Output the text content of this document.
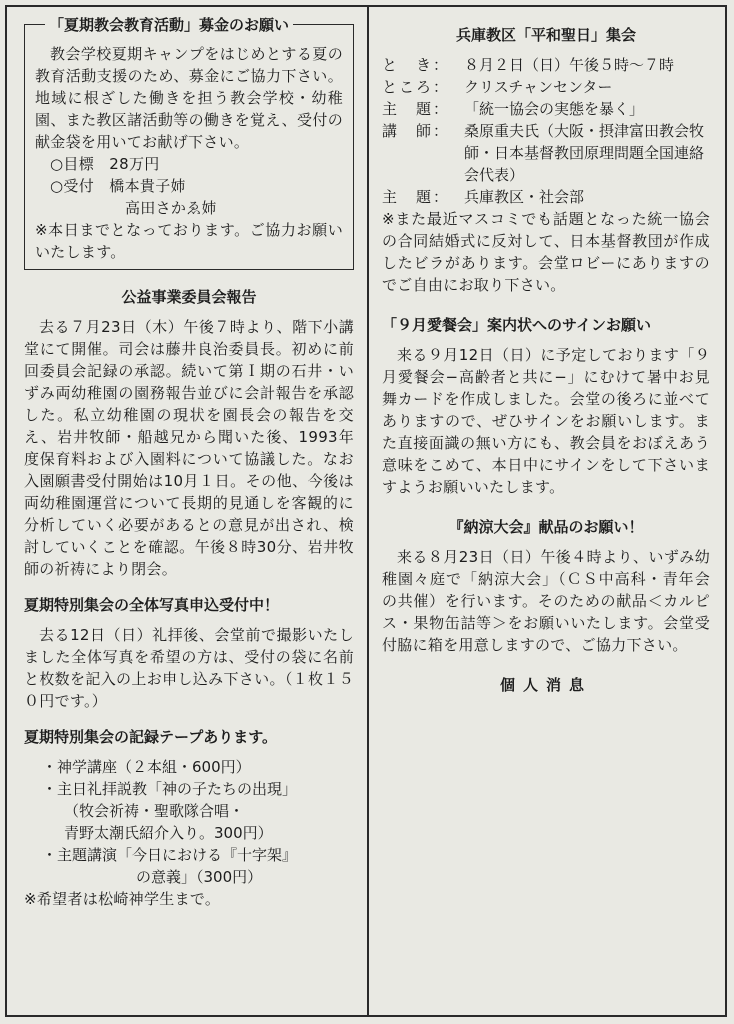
「夏期教会教育活動」募金のお願い

教会学校夏期キャンプをはじめとする夏の教育活動支援のため、募金にご協力下さい。地域に根ざした働きを担う教会学校・幼稚園、また教区諸活動等の働きを覚え、受付の献金袋を用いてお献げ下さい。

○目標　28万円

○受付　橋本貴子姉

高田さかゑ姉

※本日までとなっております。ご協力お願いいたします。

公益事業委員会報告

去る７月23日（木）午後７時より、階下小講堂にて開催。司会は藤井良治委員長。初めに前回委員会記録の承認。続いて第Ｉ期の石井・いずみ両幼稚園の園務報告並びに会計報告を承認した。私立幼稚園の現状を園長会の報告を交え、岩井牧師・船越兄から聞いた後、1993年度保育料および入園料について協議した。なお入園願書受付開始は10月１日。その他、今後は両幼稚園運営について長期的見通しを客観的に分析していく必要があるとの意見が出され、検討していくことを確認。午後８時30分、岩井牧師の祈祷により閉会。

夏期特別集会の全体写真申込受付中！

去る12日（日）礼拝後、会堂前で撮影いたしました全体写真を希望の方は、受付の袋に名前と枚数を記入の上お申し込み下さい。（１枚１５０円です。）

夏期特別集会の記録テープあります。

・神学講座（２本組・600円）

・主日礼拝説教「神の子たちの出現」

（牧会祈祷・聖歌隊合唱・

青野太潮氏紹介入り。300円）

・主題講演「今日における『十字架』

の意義」（300円）

※希望者は松崎神学生まで。

兵庫教区「平和聖日」集会
と　き： ８月２日（日）午後５時〜７時
ところ： クリスチャンセンター
主　題： 「統一協会の実態を暴く」
講　師： 桑原重夫氏（大阪・摂津富田教会牧師・日本基督教団原理問題全国連絡会代表）
主　題： 兵庫教区・社会部

※また最近マスコミでも話題となった統一協会の合同結婚式に反対して、日本基督教団が作成したビラがあります。会堂ロビーにありますのでご自由にお取り下さい。

「９月愛餐会」案内状へのサインお願い

来る９月12日（日）に予定しております「９月愛餐会−高齢者と共に−」にむけて暑中お見舞カードを作成しました。会堂の後ろに並べてありますので、ぜひサインをお願いします。また直接面識の無い方にも、教会員をおぼえあう意味をこめて、本日中にサインをして下さいますようお願いいたします。

『納涼大会』献品のお願い！

来る８月23日（日）午後４時より、いずみ幼稚園々庭で「納涼大会」（ＣＳ中高科・青年会の共催）を行います。そのための献品＜カルピス・果物缶詰等＞をお願いいたします。会堂受付脇に箱を用意しますので、ご協力下さい。

個人消息
